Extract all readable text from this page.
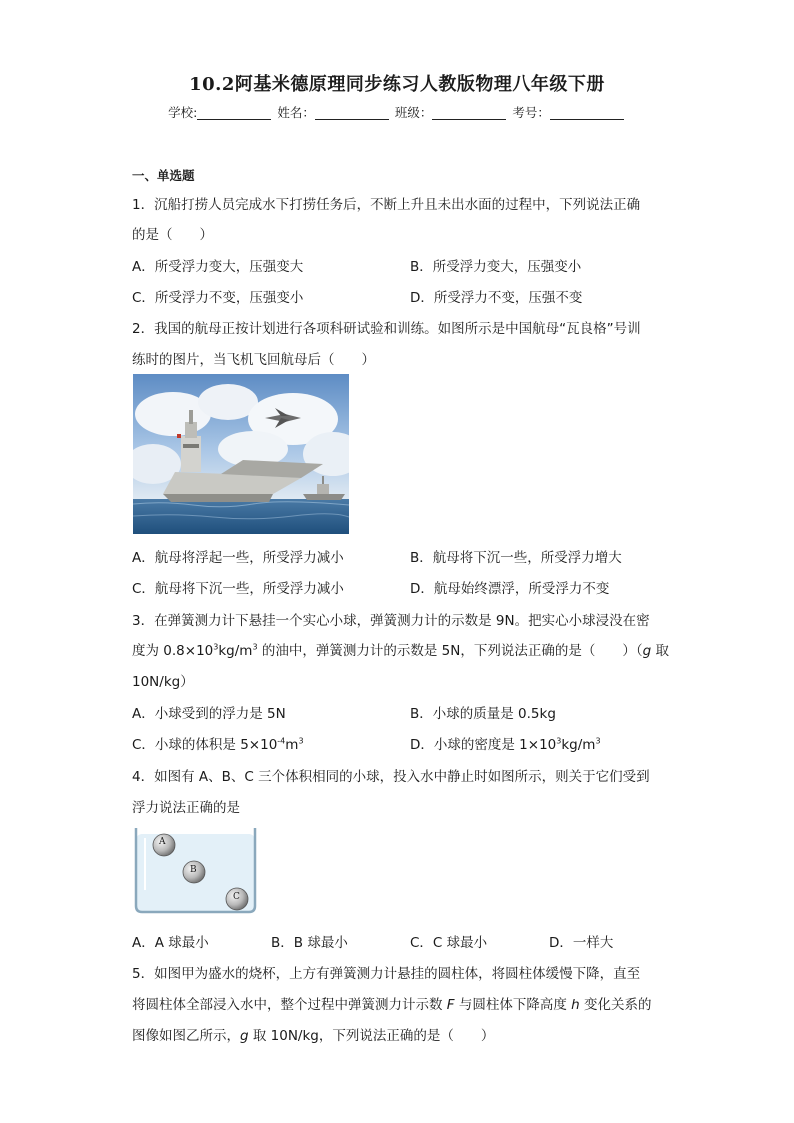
10.2阿基米德原理同步练习人教版物理八年级下册
学校:	姓名：	班级：	考号：
一、单选题
1．沉船打捞人员完成水下打捞任务后，不断上升且未出水面的过程中，下列说法正确
的是（　　）
A．所受浮力变大，压强变大	B．所受浮力变大，压强变小
C．所受浮力不变，压强变小	D．所受浮力不变，压强不变
2．我国的航母正按计划进行各项科研试验和训练。如图所示是中国航母“瓦良格”号训
练时的图片，当飞机飞回航母后（　　）
A．航母将浮起一些，所受浮力减小	B．航母将下沉一些，所受浮力增大
C．航母将下沉一些，所受浮力减小	D．航母始终漂浮，所受浮力不变
3．在弹簧测力计下悬挂一个实心小球，弹簧测力计的示数是 9N。把实心小球浸没在密
度为 $0.8\times 10^3kg/m^3$ 的油中，弹簧测力计的示数是 5N，下列说法正确的是（　　）（g 取
10N/kg）
A．小球受到的浮力是 5N	B．小球的质量是 0.5kg
C．小球的体积是 $5\times 10^{-4}m^3$	D．小球的密度是 $1\times 10^3kg/m^3$
4．如图有 A、B、C 三个体积相同的小球，投入水中静止时如图所示，则关于它们受到
浮力说法正确的是
A
B
C
A．A 球最小	B．B 球最小	C．C 球最小	D．一样大
5．如图甲为盛水的烧杯，上方有弹簧测力计悬挂的圆柱体，将圆柱体缓慢下降，直至
将圆柱体全部浸入水中，整个过程中弹簧测力计示数 F 与圆柱体下降高度 h 变化关系的
图像如图乙所示，g 取 10N/kg，下列说法正确的是（　　）
